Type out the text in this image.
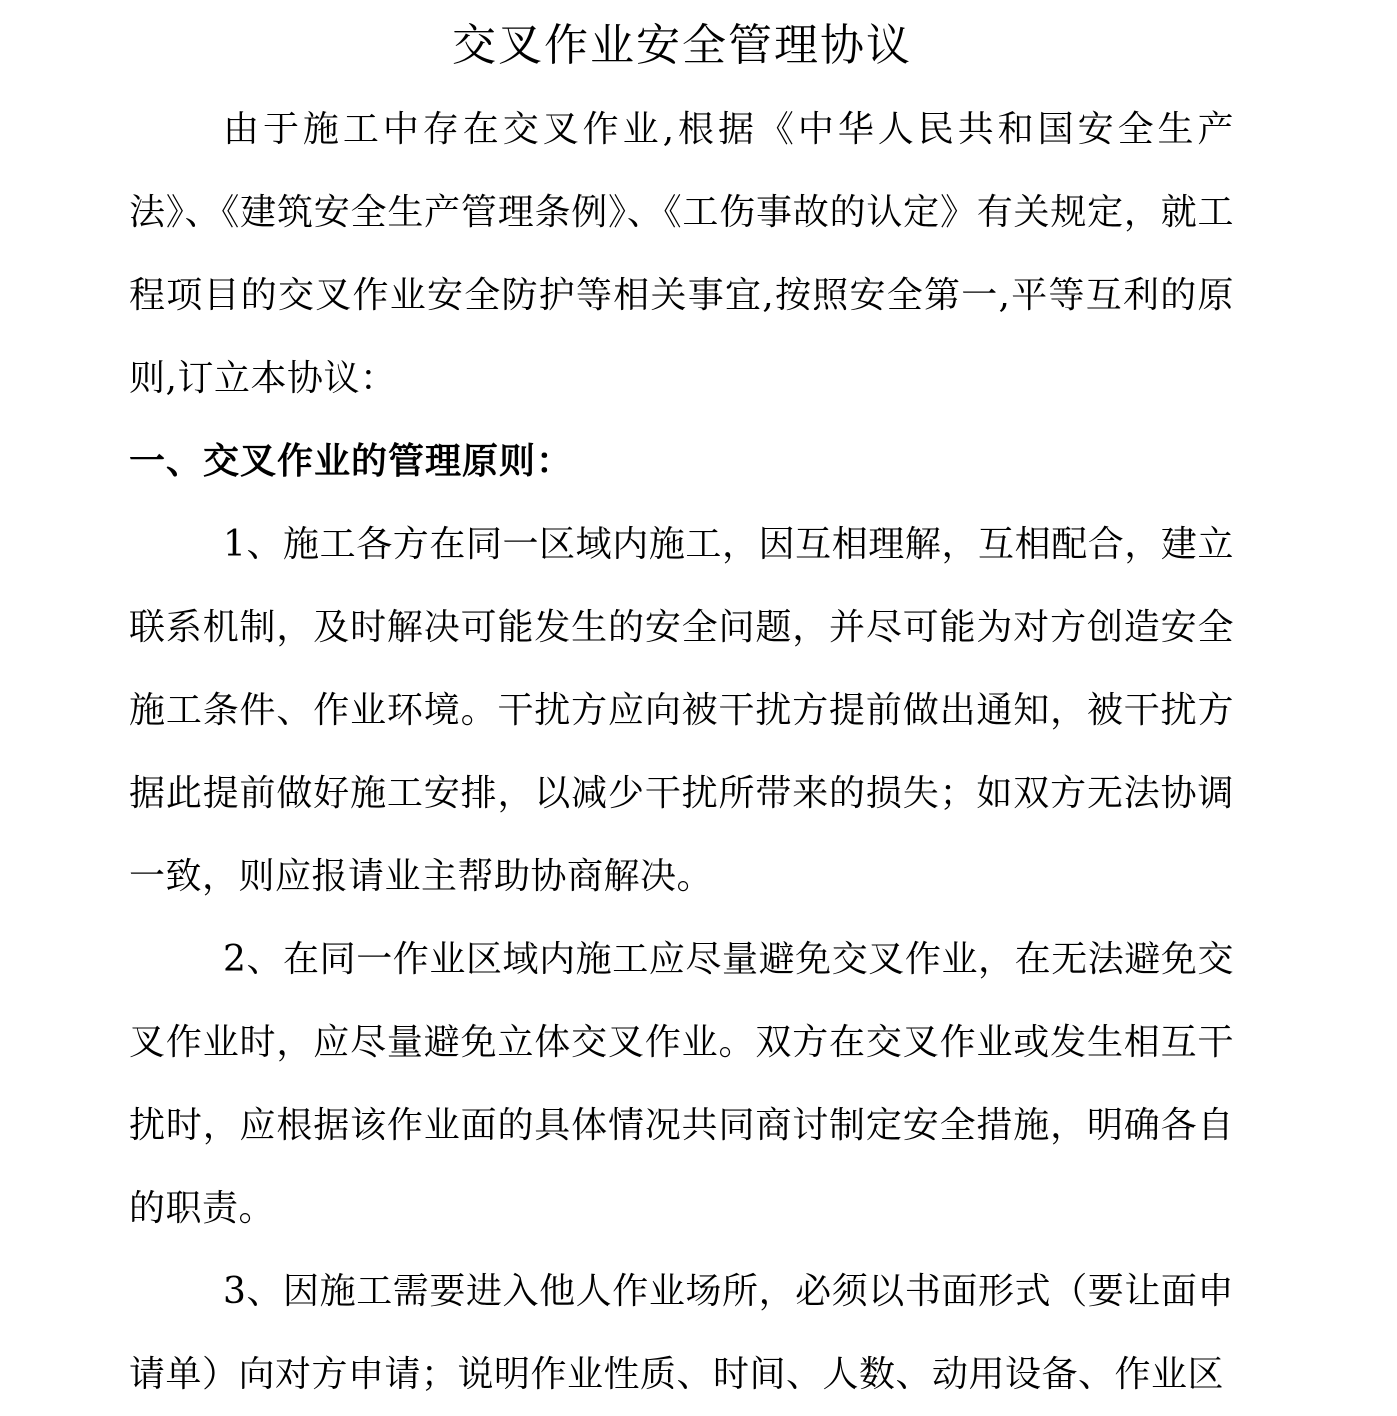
交叉作业安全管理协议

由于施工中存在交叉作业,根据《中华人民共和国安全生产法》、《建筑安全生产管理条例》、《工伤事故的认定》有关规定，就工程项目的交叉作业安全防护等相关事宜,按照安全第一,平等互利的原则,订立本协议：

一、交叉作业的管理原则：

1、施工各方在同一区域内施工，因互相理解，互相配合，建立联系机制，及时解决可能发生的安全问题，并尽可能为对方创造安全施工条件、作业环境。干扰方应向被干扰方提前做出通知，被干扰方据此提前做好施工安排，以减少干扰所带来的损失；如双方无法协调一致，则应报请业主帮助协商解决。

2、在同一作业区域内施工应尽量避免交叉作业，在无法避免交叉作业时，应尽量避免立体交叉作业。双方在交叉作业或发生相互干扰时，应根据该作业面的具体情况共同商讨制定安全措施，明确各自的职责。

3、因施工需要进入他人作业场所，必须以书面形式（要让面申请单）向对方申请；说明作业性质、时间、人数、动用设备、作业区
